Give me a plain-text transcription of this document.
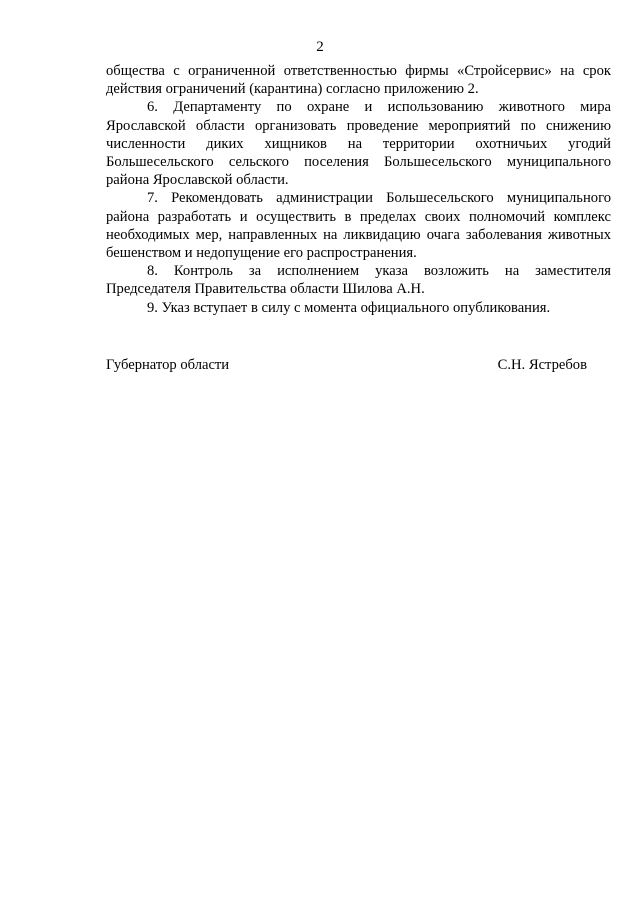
2

общества с ограниченной ответственностью фирмы «Стройсервис» на срок действия ограничений (карантина) согласно приложению 2.

6. Департаменту по охране и использованию животного мира Ярославской области организовать проведение мероприятий по снижению численности диких хищников на территории охотничьих угодий Большесельского сельского поселения Большесельского муниципального района Ярославской области.

7. Рекомендовать администрации Большесельского муниципального района разработать и осуществить в пределах своих полномочий комплекс необходимых мер, направленных на ликвидацию очага заболевания животных бешенством и недопущение его распространения.

8. Контроль за исполнением указа возложить на заместителя Председателя Правительства области Шилова А.Н.

9. Указ вступает в силу с момента официального опубликования.

Губернатор области	С.Н. Ястребов
